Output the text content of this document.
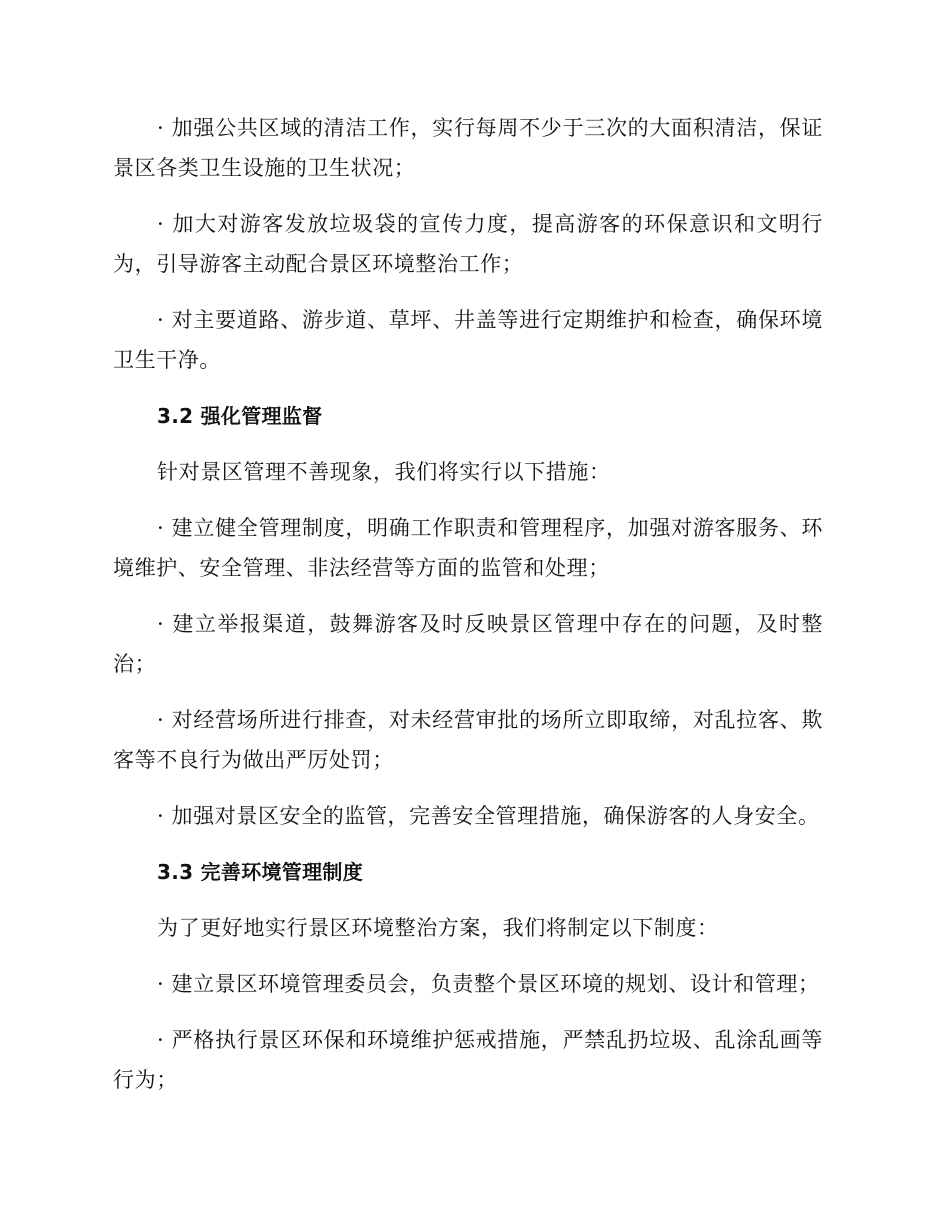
· 加强公共区域的清洁工作，实行每周不少于三次的大面积清洁，保证景区各类卫生设施的卫生状况；

· 加大对游客发放垃圾袋的宣传力度，提高游客的环保意识和文明行为，引导游客主动配合景区环境整治工作；

· 对主要道路、游步道、草坪、井盖等进行定期维护和检查，确保环境卫生干净。

3.2 强化管理监督

针对景区管理不善现象，我们将实行以下措施：

· 建立健全管理制度，明确工作职责和管理程序，加强对游客服务、环境维护、安全管理、非法经营等方面的监管和处理；

· 建立举报渠道，鼓舞游客及时反映景区管理中存在的问题，及时整治；

· 对经营场所进行排查，对未经营审批的场所立即取缔，对乱拉客、欺客等不良行为做出严厉处罚；

· 加强对景区安全的监管，完善安全管理措施，确保游客的人身安全。

3.3 完善环境管理制度

为了更好地实行景区环境整治方案，我们将制定以下制度：

· 建立景区环境管理委员会，负责整个景区环境的规划、设计和管理；

· 严格执行景区环保和环境维护惩戒措施，严禁乱扔垃圾、乱涂乱画等行为；
